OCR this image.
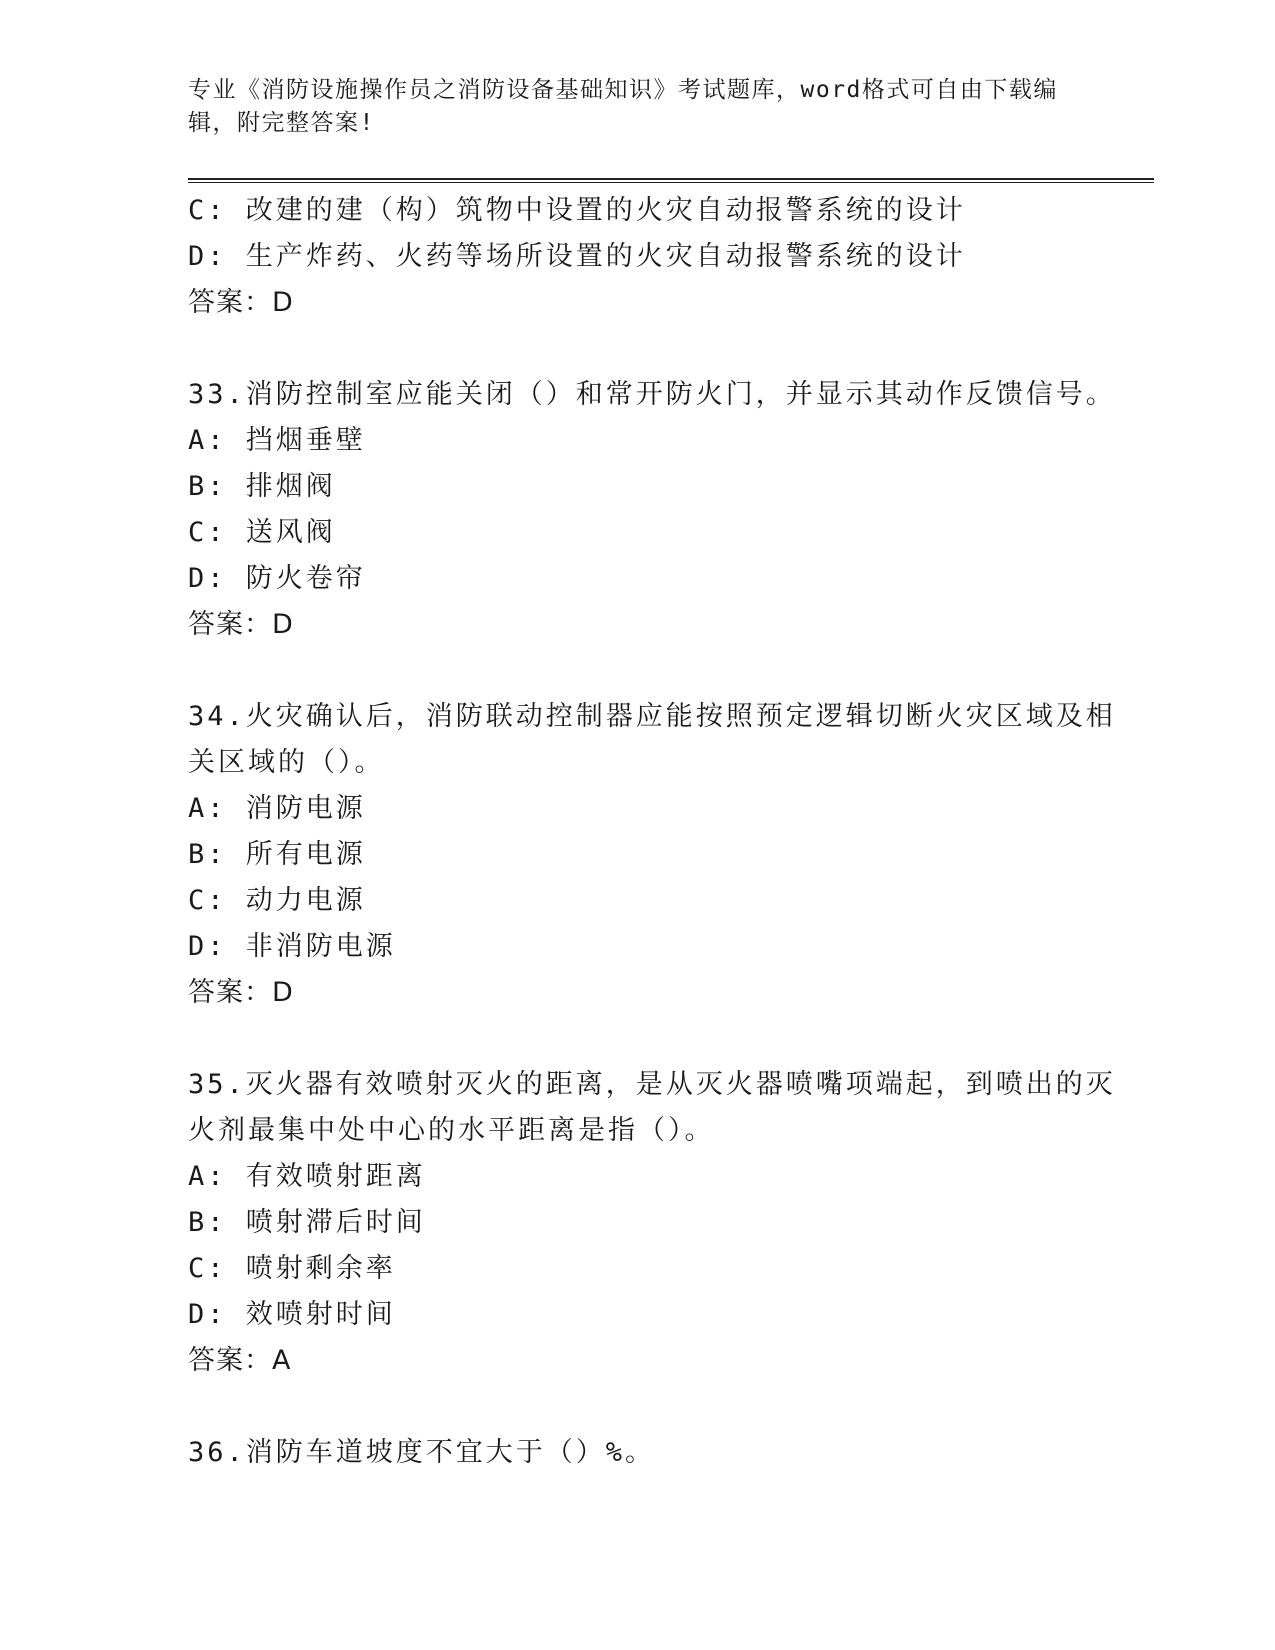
专业《消防设施操作员之消防设备基础知识》考试题库，word格式可自由下载编
辑，附完整答案!
C: 改建的建（构）筑物中设置的火灾自动报警系统的设计
D: 生产炸药、火药等场所设置的火灾自动报警系统的设计
答案：D
33.消防控制室应能关闭（）和常开防火门，并显示其动作反馈信号。
A: 挡烟垂壁
B: 排烟阀
C: 送风阀
D: 防火卷帘
答案：D
34.火灾确认后，消防联动控制器应能按照预定逻辑切断火灾区域及相
关区域的（）。
A: 消防电源
B: 所有电源
C: 动力电源
D: 非消防电源
答案：D
35.灭火器有效喷射灭火的距离，是从灭火器喷嘴项端起，到喷出的灭
火剂最集中处中心的水平距离是指（）。
A: 有效喷射距离
B: 喷射滞后时间
C: 喷射剩余率
D: 效喷射时间
答案：A
36.消防车道坡度不宜大于（）%。
